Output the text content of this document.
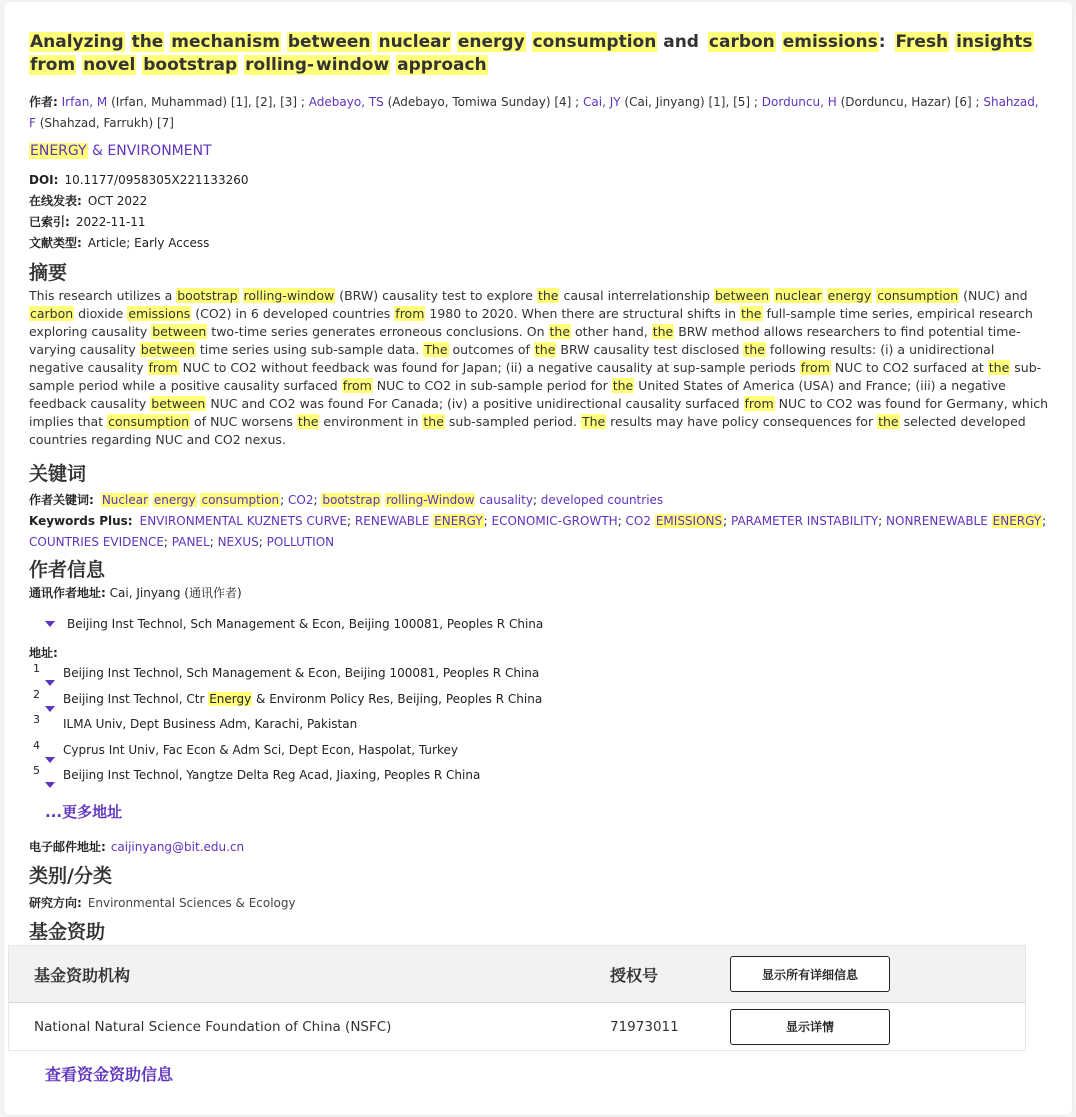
Analyzing the mechanism between nuclear energy consumption and carbon emissions: Fresh insights from novel bootstrap rolling- window approach
作者: Irfan, M (Irfan, Muhammad) [1], [2], [3] ; Adebayo, TS (Adebayo, Tomiwa Sunday) [4] ; Cai, JY (Cai, Jinyang) [1], [5] ; Dorduncu, H (Dorduncu, Hazar) [6] ; Shahzad, F (Shahzad, Farrukh) [7]
ENERGY & ENVIRONMENT
DOI: 10.1177/0958305X221133260
在线发表: OCT 2022
已索引: 2022-11-11
文献类型: Article; Early Access
摘要
This research utilizes a bootstrap rolling-window (BRW) causality test to explore the causal interrelationship between nuclear energy consumption (NUC) and carbon dioxide emissions (CO2) in 6 developed countries from 1980 to 2020. When there are structural shifts in the full-sample time series, empirical research exploring causality between two-time series generates erroneous conclusions. On the other hand, the BRW method allows researchers to find potential time-varying causality between time series using sub-sample data. The outcomes of the BRW causality test disclosed the following results: (i) a unidirectional negative causality from NUC to CO2 without feedback was found for Japan; (ii) a negative causality at sup-sample periods from NUC to CO2 surfaced at the sub-sample period while a positive causality surfaced from NUC to CO2 in sub-sample period for the United States of America (USA) and France; (iii) a negative feedback causality between NUC and CO2 was found For Canada; (iv) a positive unidirectional causality surfaced from NUC to CO2 was found for Germany, which implies that consumption of NUC worsens the environment in the sub-sampled period. The results may have policy consequences for the selected developed countries regarding NUC and CO2 nexus.
关键词
作者关键词: Nuclear energy consumption; CO2; bootstrap rolling-Window causality; developed countries
Keywords Plus: ENVIRONMENTAL KUZNETS CURVE; RENEWABLE ENERGY; ECONOMIC-GROWTH; CO2 EMISSIONS; PARAMETER INSTABILITY; NONRENEWABLE ENERGY; COUNTRIES EVIDENCE; PANEL; NEXUS; POLLUTION
作者信息
通讯作者地址: Cai, Jinyang (通讯作者)
Beijing Inst Technol, Sch Management & Econ, Beijing 100081, Peoples R China
地址:
1	Beijing Inst Technol, Sch Management & Econ, Beijing 100081, Peoples R China
2	Beijing Inst Technol, Ctr Energy & Environm Policy Res, Beijing, Peoples R China
3	ILMA Univ, Dept Business Adm, Karachi, Pakistan
4	Cyprus Int Univ, Fac Econ & Adm Sci, Dept Econ, Haspolat, Turkey
5	Beijing Inst Technol, Yangtze Delta Reg Acad, Jiaxing, Peoples R China
...更多地址
电子邮件地址: caijinyang@bit.edu.cn
类别/分类
研究方向: Environmental Sciences & Ecology
基金资助
基金资助机构	授权号	显示所有详细信息
National Natural Science Foundation of China (NSFC)	71973011	显示详情
查看资金资助信息
